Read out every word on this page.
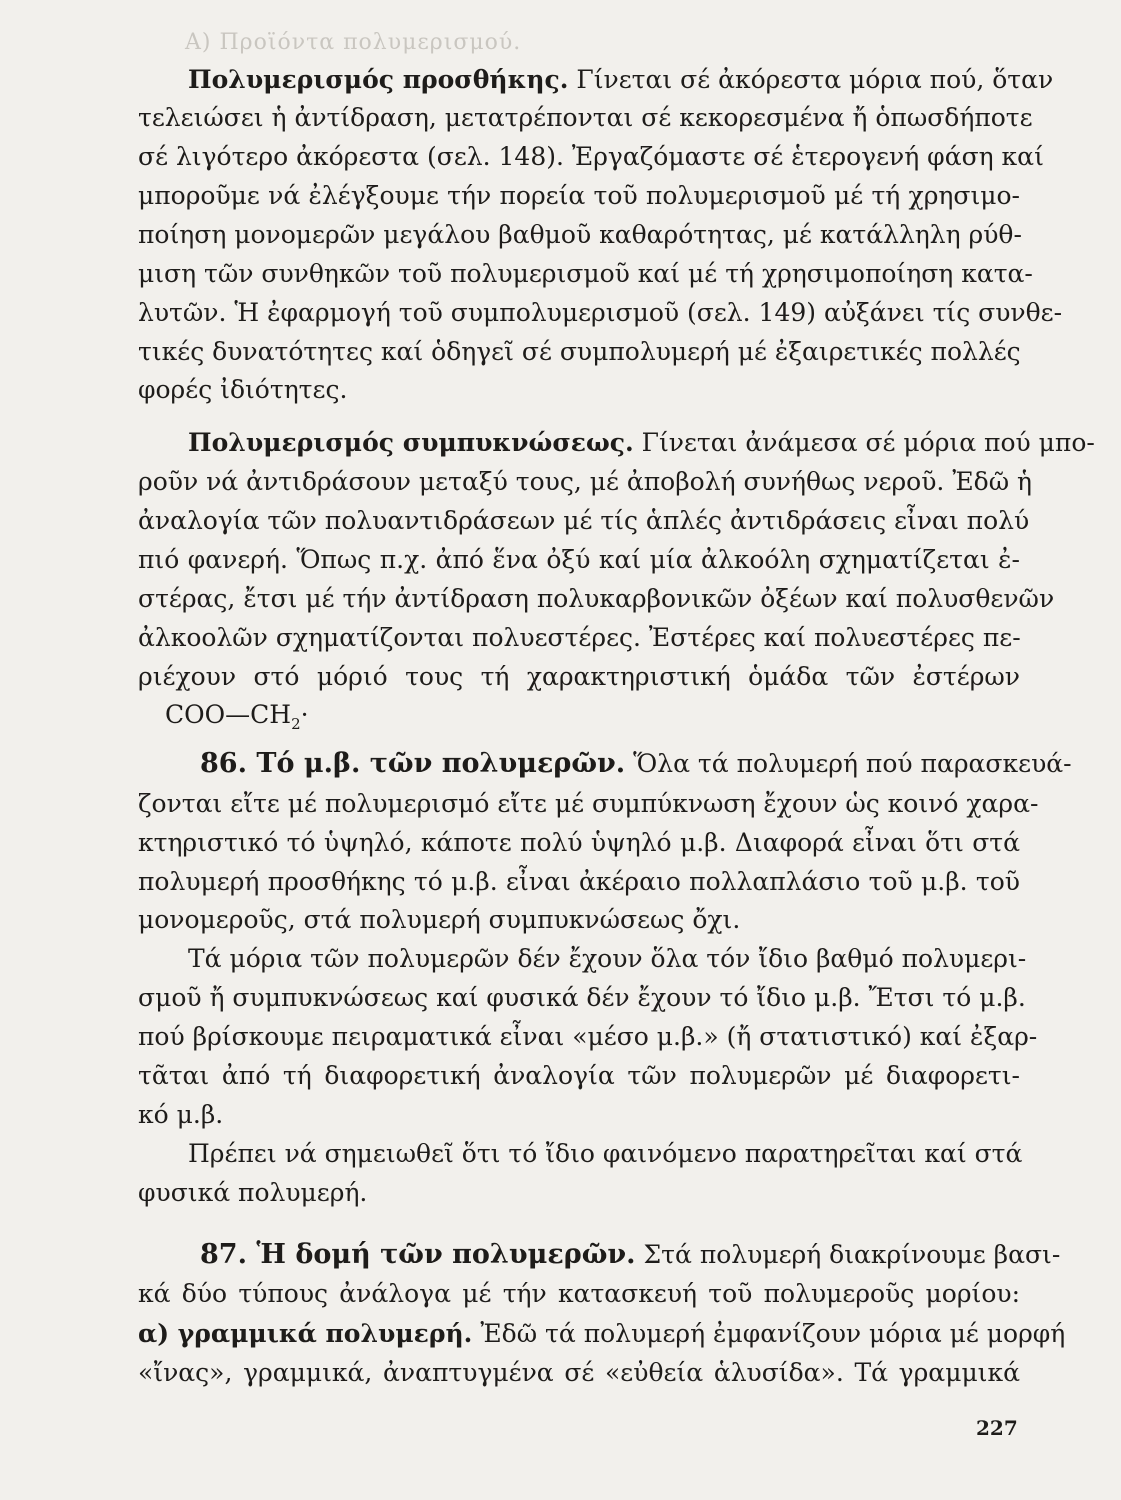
Α) Προϊόντα πολυμερισμού.
Πολυμερισμός προσθήκης. Γίνεται σέ ἀκόρεστα μόρια πού, ὅταν
τελειώσει ἡ ἀντίδραση, μετατρέπονται σέ κεκορεσμένα ἤ ὁπωσδήποτε
σέ λιγότερο ἀκόρεστα (σελ. 148). Ἐργαζόμαστε σέ ἑτερογενή φάση καί
μποροῦμε νά ἐλέγξουμε τήν πορεία τοῦ πολυμερισμοῦ μέ τή χρησιμο-
ποίηση μονομερῶν μεγάλου βαθμοῦ καθαρότητας, μέ κατάλληλη ρύθ-
μιση τῶν συνθηκῶν τοῦ πολυμερισμοῦ καί μέ τή χρησιμοποίηση κατα-
λυτῶν. Ἡ ἐφαρμογή τοῦ συμπολυμερισμοῦ (σελ. 149) αὐξάνει τίς συνθε-
τικές δυνατότητες καί ὁδηγεῖ σέ συμπολυμερή μέ ἐξαιρετικές πολλές
φορές ἰδιότητες.
Πολυμερισμός συμπυκνώσεως. Γίνεται ἀνάμεσα σέ μόρια πού μπο-
ροῦν νά ἀντιδράσουν μεταξύ τους, μέ ἀποβολή συνήθως νεροῦ. Ἐδῶ ἡ
ἀναλογία τῶν πολυαντιδράσεων μέ τίς ἁπλές ἀντιδράσεις εἶναι πολύ
πιό φανερή. Ὅπως π.χ. ἀπό ἕνα ὀξύ καί μία ἀλκοόλη σχηματίζεται ἐ-
στέρας, ἔτσι μέ τήν ἀντίδραση πολυκαρβονικῶν ὀξέων καί πολυσθενῶν
ἀλκοολῶν σχηματίζονται πολυεστέρες. Ἐστέρες καί πολυεστέρες πε-
ριέχουν στό μόριό τους τή χαρακτηριστική ὁμάδα τῶν ἐστέρων
$COO—CH_2\cdot$
86. Τό μ.β. τῶν πολυμερῶν. Ὅλα τά πολυμερή πού παρασκευά-
ζονται εἴτε μέ πολυμερισμό εἴτε μέ συμπύκνωση ἔχουν ὡς κοινό χαρα-
κτηριστικό τό ὑψηλό, κάποτε πολύ ὑψηλό μ.β. Διαφορά εἶναι ὅτι στά
πολυμερή προσθήκης τό μ.β. εἶναι ἀκέραιο πολλαπλάσιο τοῦ μ.β. τοῦ
μονομεροῦς, στά πολυμερή συμπυκνώσεως ὄχι.
Τά μόρια τῶν πολυμερῶν δέν ἔχουν ὅλα τόν ἴδιο βαθμό πολυμερι-
σμοῦ ἤ συμπυκνώσεως καί φυσικά δέν ἔχουν τό ἴδιο μ.β. Ἔτσι τό μ.β.
πού βρίσκουμε πειραματικά εἶναι «μέσο μ.β.» (ἤ στατιστικό) καί ἐξαρ-
τᾶται ἀπό τή διαφορετική ἀναλογία τῶν πολυμερῶν μέ διαφορετι-
κό μ.β.
Πρέπει νά σημειωθεῖ ὅτι τό ἴδιο φαινόμενο παρατηρεῖται καί στά
φυσικά πολυμερή.
87. Ἡ δομή τῶν πολυμερῶν. Στά πολυμερή διακρίνουμε βασι-
κά δύο τύπους ἀνάλογα μέ τήν κατασκευή τοῦ πολυμεροῦς μορίου:
α) γραμμικά πολυμερή. Ἐδῶ τά πολυμερή ἐμφανίζουν μόρια μέ μορφή
«ἴνας», γραμμικά, ἀναπτυγμένα σέ «εὐθεία ἁλυσίδα». Τά γραμμικά
227
